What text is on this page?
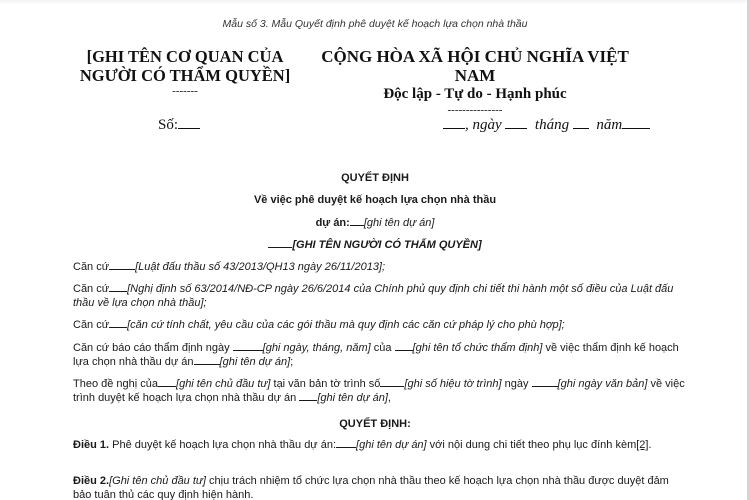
Mẫu số 3. Mẫu Quyết định phê duyệt kế hoạch lựa chọn nhà thầu
[GHI TÊN CƠ QUAN CỦA
NGƯỜI CÓ THẨM QUYỀN]
-------
CỘNG HÒA XÃ HỘI CHỦ NGHĨA VIỆT NAM
Độc lập - Tự do - Hạnh phúc
---------------
Số:	, ngày tháng năm
QUYẾT ĐỊNH
Về việc phê duyệt kế hoạch lựa chọn nhà thầu
dự án: [ghi tên dự án]
[GHI TÊN NGƯỜI CÓ THẨM QUYỀN]
Căn cứ [Luật đấu thầu số 43/2013/QH13 ngày 26/11/2013];
Căn cứ [Nghị định số 63/2014/NĐ-CP ngày 26/6/2014 của Chính phủ quy định chi tiết thi hành một số điều của Luật đấu thầu về lựa chọn nhà thầu];
Căn cứ [căn cứ tính chất, yêu cầu của các gói thầu mà quy định các căn cứ pháp lý cho phù hợp];
Căn cứ báo cáo thẩm định ngày	[ghi ngày, tháng, năm] của [ghi tên tổ chức thẩm định] về việc thẩm định kế hoạch lựa chọn nhà thầu dự án [ghi tên dự án];
Theo đề nghị của [ghi tên chủ đầu tư] tại văn bản tờ trình số [ghi số hiệu tờ trình] ngày [ghi ngày văn bản] về việc trình duyệt kế hoạch lựa chọn nhà thầu dự án [ghi tên dự án],
QUYẾT ĐỊNH:
Điều 1. Phê duyệt kế hoạch lựa chọn nhà thầu dự án: [ghi tên dự án] với nội dung chi tiết theo phụ lục đính kèm[2].
Điều 2.[Ghi tên chủ đầu tư] chịu trách nhiệm tổ chức lựa chọn nhà thầu theo kế hoạch lựa chọn nhà thầu được duyệt đảm bảo tuân thủ các quy định hiện hành.
